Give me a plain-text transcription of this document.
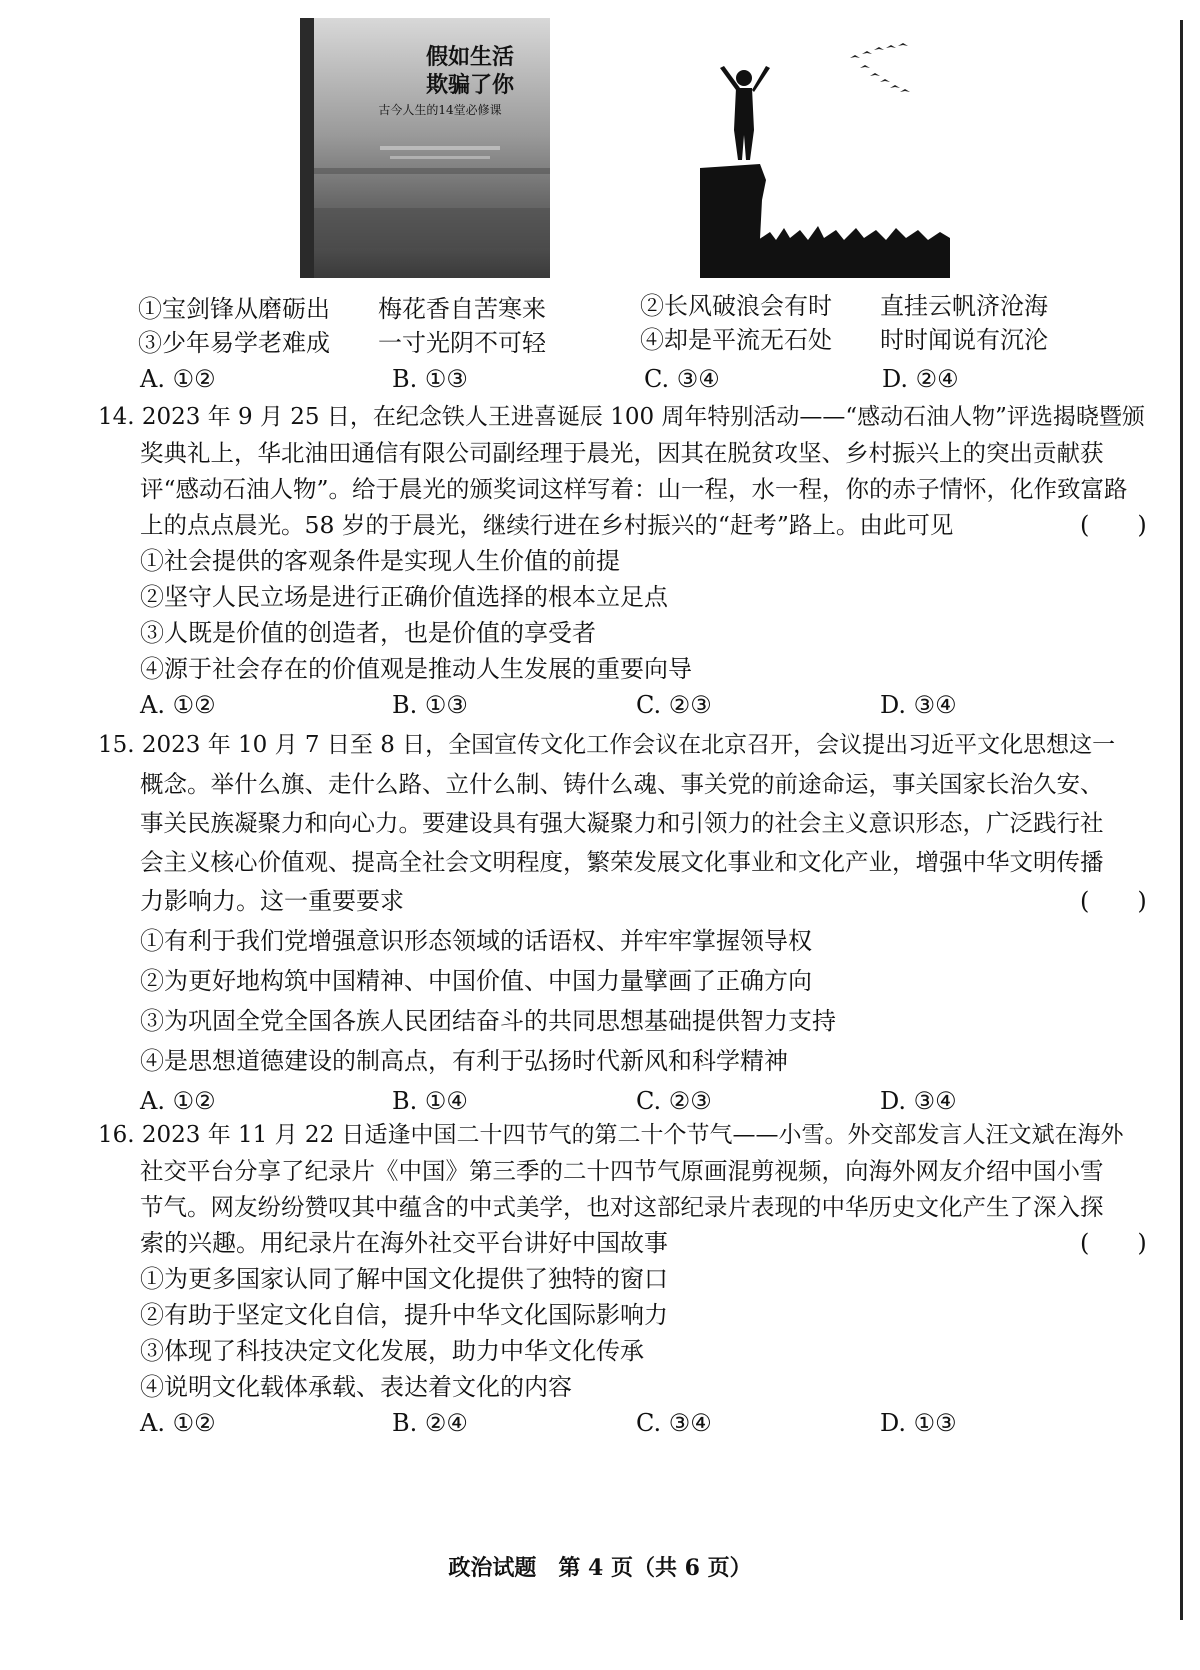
假如生活
欺骗了你
古今人生的14堂必修课
①宝剑锋从磨砺出　　梅花香自苦寒来	②长风破浪会有时　　直挂云帆济沧海
③少年易学老难成　　一寸光阴不可轻	④却是平流无石处　　时时闻说有沉沦
A. ①②	B. ①③	C. ③④	D. ②④
14. 2023 年 9 月 25 日，在纪念铁人王进喜诞辰 100 周年特别活动——“感动石油人物”评选揭晓暨颁
奖典礼上，华北油田通信有限公司副经理于晨光，因其在脱贫攻坚、乡村振兴上的突出贡献获
评“感动石油人物”。给于晨光的颁奖词这样写着：山一程，水一程，你的赤子情怀，化作致富路
上的点点晨光。58 岁的于晨光，继续行进在乡村振兴的“赶考”路上。由此可见	(　　)
①社会提供的客观条件是实现人生价值的前提
②坚守人民立场是进行正确价值选择的根本立足点
③人既是价值的创造者，也是价值的享受者
④源于社会存在的价值观是推动人生发展的重要向导
A. ①②	B. ①③	C. ②③	D. ③④
15. 2023 年 10 月 7 日至 8 日，全国宣传文化工作会议在北京召开，会议提出习近平文化思想这一
概念。举什么旗、走什么路、立什么制、铸什么魂、事关党的前途命运，事关国家长治久安、
事关民族凝聚力和向心力。要建设具有强大凝聚力和引领力的社会主义意识形态，广泛践行社
会主义核心价值观、提高全社会文明程度，繁荣发展文化事业和文化产业，增强中华文明传播
力影响力。这一重要要求	(　　)
①有利于我们党增强意识形态领域的话语权、并牢牢掌握领导权
②为更好地构筑中国精神、中国价值、中国力量擘画了正确方向
③为巩固全党全国各族人民团结奋斗的共同思想基础提供智力支持
④是思想道德建设的制高点，有利于弘扬时代新风和科学精神
A. ①②	B. ①④	C. ②③	D. ③④
16. 2023 年 11 月 22 日适逢中国二十四节气的第二十个节气——小雪。外交部发言人汪文斌在海外
社交平台分享了纪录片《中国》第三季的二十四节气原画混剪视频，向海外网友介绍中国小雪
节气。网友纷纷赞叹其中蕴含的中式美学，也对这部纪录片表现的中华历史文化产生了深入探
索的兴趣。用纪录片在海外社交平台讲好中国故事	(　　)
①为更多国家认同了解中国文化提供了独特的窗口
②有助于坚定文化自信，提升中华文化国际影响力
③体现了科技决定文化发展，助力中华文化传承
④说明文化载体承载、表达着文化的内容
A. ①②	B. ②④	C. ③④	D. ①③
政治试题　第 4 页（共 6 页）
